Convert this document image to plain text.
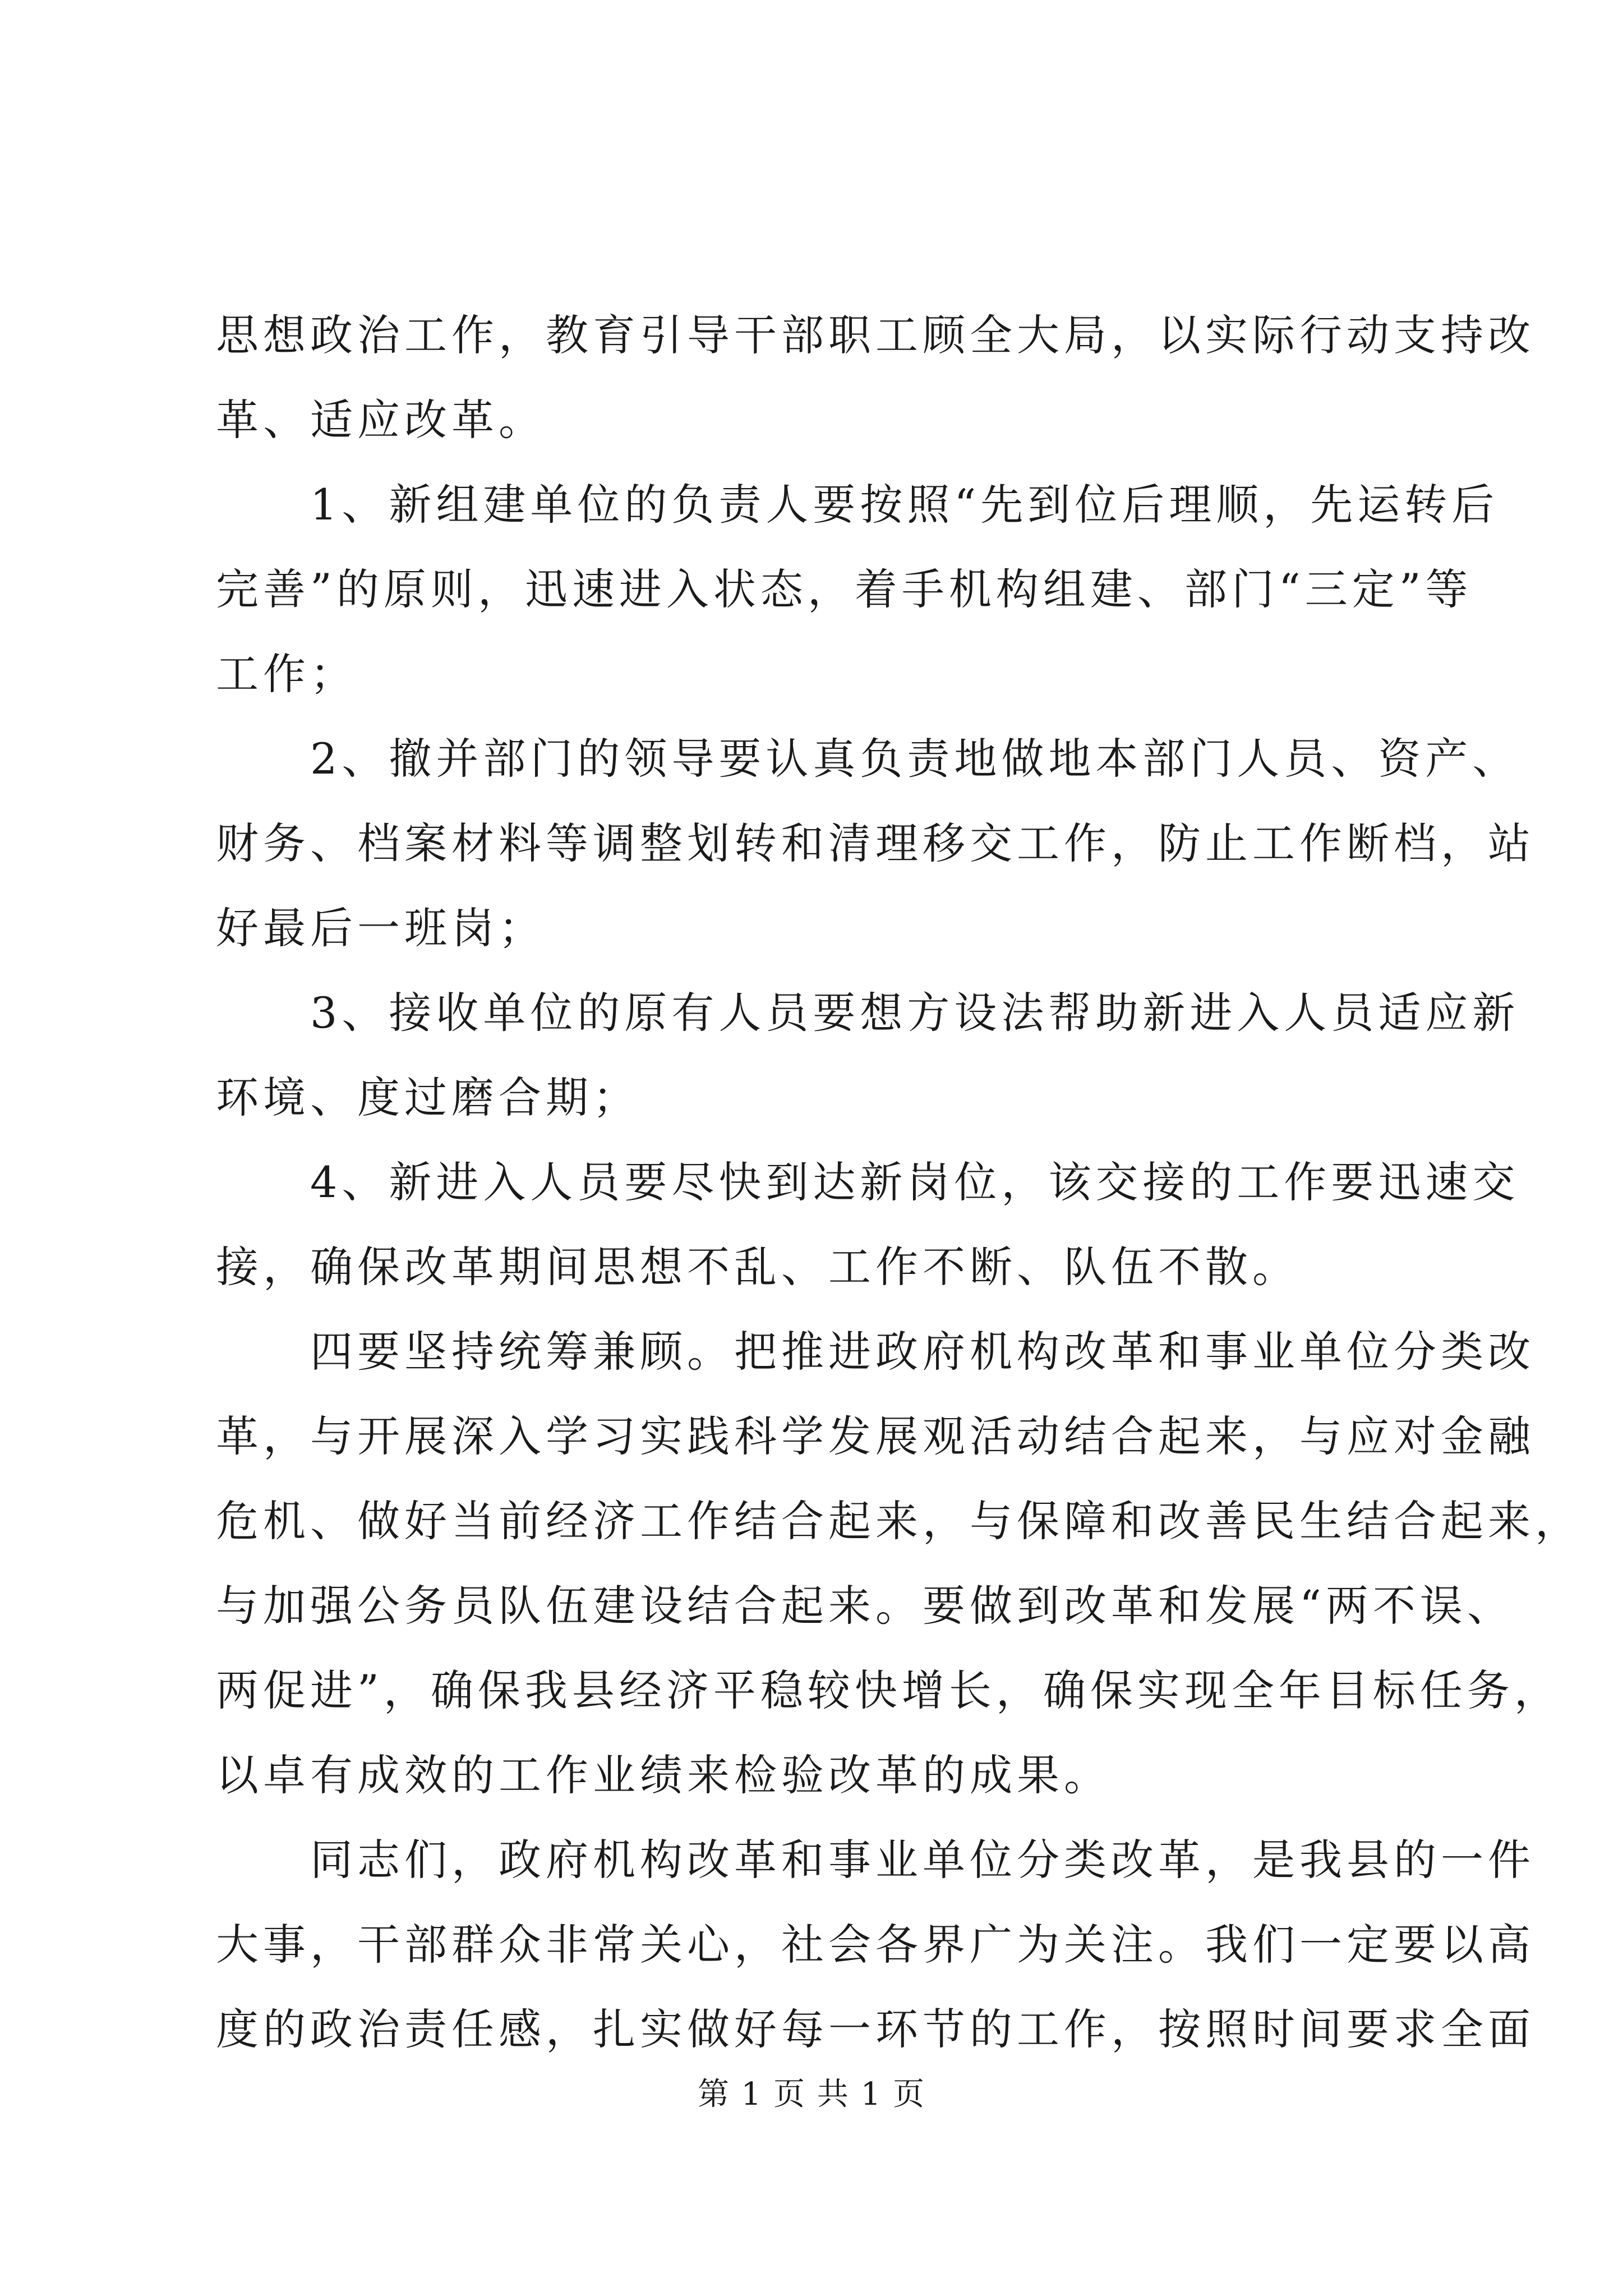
思想政治工作，教育引导干部职工顾全大局，以实际行动支持改
革、适应改革。
　　1、新组建单位的负责人要按照“先到位后理顺，先运转后
完善”的原则，迅速进入状态，着手机构组建、部门“三定”等
工作；
　　2、撤并部门的领导要认真负责地做地本部门人员、资产、
财务、档案材料等调整划转和清理移交工作，防止工作断档，站
好最后一班岗；
　　3、接收单位的原有人员要想方设法帮助新进入人员适应新
环境、度过磨合期；
　　4、新进入人员要尽快到达新岗位，该交接的工作要迅速交
接，确保改革期间思想不乱、工作不断、队伍不散。
　　四要坚持统筹兼顾。把推进政府机构改革和事业单位分类改
革，与开展深入学习实践科学发展观活动结合起来，与应对金融
危机、做好当前经济工作结合起来，与保障和改善民生结合起来，
与加强公务员队伍建设结合起来。要做到改革和发展“两不误、
两促进”，确保我县经济平稳较快增长，确保实现全年目标任务，
以卓有成效的工作业绩来检验改革的成果。
　　同志们，政府机构改革和事业单位分类改革，是我县的一件
大事，干部群众非常关心，社会各界广为关注。我们一定要以高
度的政治责任感，扎实做好每一环节的工作，按照时间要求全面
第 1 页 共 1 页
